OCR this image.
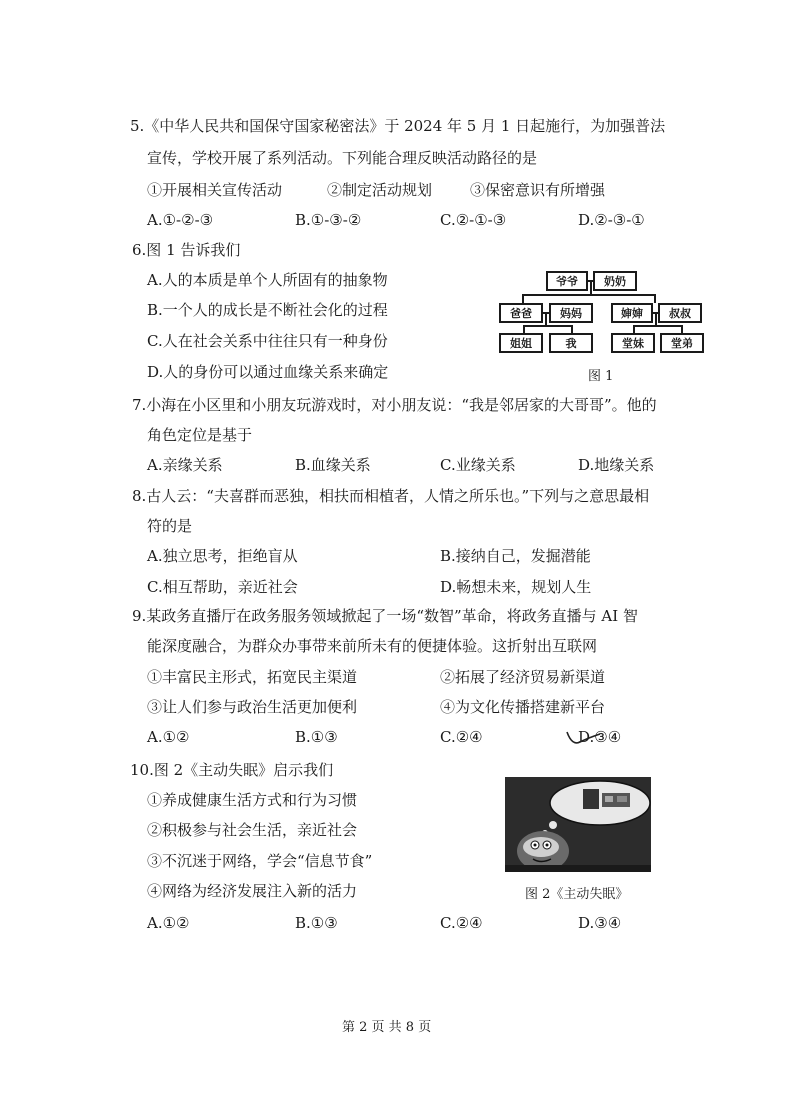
5.《中华人民共和国保守国家秘密法》于 2024 年 5 月 1 日起施行，为加强普法
宣传，学校开展了系列活动。下列能合理反映活动路径的是
①开展相关宣传活动	②制定活动规划	③保密意识有所增强
A.①-②-③	B.①-③-②	C.②-①-③	D.②-③-①
6.图 1 告诉我们
A.人的本质是单个人所固有的抽象物
B.一个人的成长是不断社会化的过程
C.人在社会关系中往往只有一种身份
D.人的身份可以通过血缘关系来确定
爷爷	奶奶
爸爸	妈妈	婶婶	叔叔
姐姐	我	堂妹	堂弟
图 1
7.小海在小区里和小朋友玩游戏时，对小朋友说：“我是邻居家的大哥哥”。他的
角色定位是基于
A.亲缘关系	B.血缘关系	C.业缘关系	D.地缘关系
8.古人云：“夫喜群而恶独，相扶而相植者，人情之所乐也。”下列与之意思最相
符的是
A.独立思考，拒绝盲从	B.接纳自己，发掘潜能
C.相互帮助，亲近社会	D.畅想未来，规划人生
9.某政务直播厅在政务服务领域掀起了一场“数智”革命，将政务直播与 AI 智
能深度融合，为群众办事带来前所未有的便捷体验。这折射出互联网
①丰富民主形式，拓宽民主渠道	②拓展了经济贸易新渠道
③让人们参与政治生活更加便利	④为文化传播搭建新平台
A.①②	B.①③	C.②④	D.③④
10.图 2《主动失眠》启示我们
①养成健康生活方式和行为习惯
②积极参与社会生活，亲近社会
③不沉迷于网络，学会“信息节食”
④网络为经济发展注入新的活力
A.①②	B.①③	C.②④	D.③④
图 2《主动失眠》
第 2 页 共 8 页
